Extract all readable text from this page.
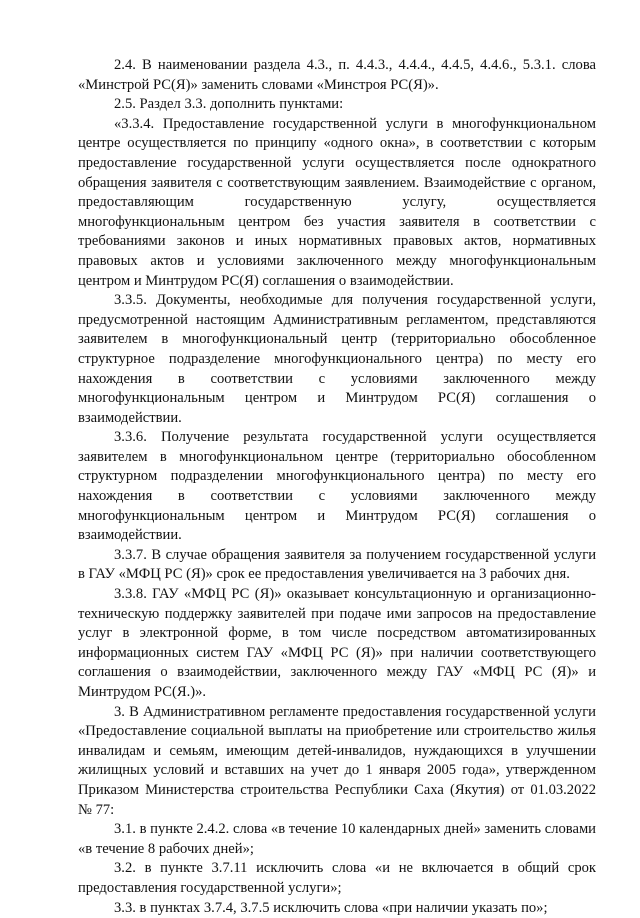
2.4. В наименовании раздела 4.3., п. 4.4.3., 4.4.4., 4.4.5, 4.4.6., 5.3.1. слова «Минстрой РС(Я)» заменить словами «Минстроя РС(Я)».

2.5. Раздел 3.3. дополнить пунктами:

«3.3.4. Предоставление государственной услуги в многофункциональном центре осуществляется по принципу «одного окна», в соответствии с которым предоставление государственной услуги осуществляется после однократного обращения заявителя с соответствующим заявлением. Взаимодействие с органом, предоставляющим государственную услугу, осуществляется многофункциональным центром без участия заявителя в соответствии с требованиями законов и иных нормативных правовых актов, нормативных правовых актов и условиями заключенного между многофункциональным центром и Минтрудом РС(Я) соглашения о взаимодействии.

3.3.5. Документы, необходимые для получения государственной услуги, предусмотренной настоящим Административным регламентом, представляются заявителем в многофункциональный центр (территориально обособленное структурное подразделение многофункционального центра) по месту его нахождения в соответствии с условиями заключенного между многофункциональным центром и Минтрудом РС(Я) соглашения о взаимодействии.

3.3.6. Получение результата государственной услуги осуществляется заявителем в многофункциональном центре (территориально обособленном структурном подразделении многофункционального центра) по месту его нахождения в соответствии с условиями заключенного между многофункциональным центром и Минтрудом РС(Я) соглашения о взаимодействии.

3.3.7. В случае обращения заявителя за получением государственной услуги в ГАУ «МФЦ РС (Я)» срок ее предоставления увеличивается на 3 рабочих дня.

3.3.8. ГАУ «МФЦ РС (Я)» оказывает консультационную и организационно-техническую поддержку заявителей при подаче ими запросов на предоставление услуг в электронной форме, в том числе посредством автоматизированных информационных систем ГАУ «МФЦ РС (Я)» при наличии соответствующего соглашения о взаимодействии, заключенного между ГАУ «МФЦ РС (Я)» и Минтрудом РС(Я.)».

3. В Административном регламенте предоставления государственной услуги «Предоставление социальной выплаты на приобретение или строительство жилья инвалидам и семьям, имеющим детей-инвалидов, нуждающихся в улучшении жилищных условий и вставших на учет до 1 января 2005 года», утвержденном Приказом Министерства строительства Республики Саха (Якутия) от 01.03.2022 № 77:

3.1. в пункте 2.4.2. слова «в течение 10 календарных дней» заменить словами «в течение 8 рабочих дней»;

3.2. в пункте 3.7.11 исключить слова «и не включается в общий срок предоставления государственной услуги»;

3.3. в пунктах 3.7.4, 3.7.5 исключить слова «при наличии указать по»;
